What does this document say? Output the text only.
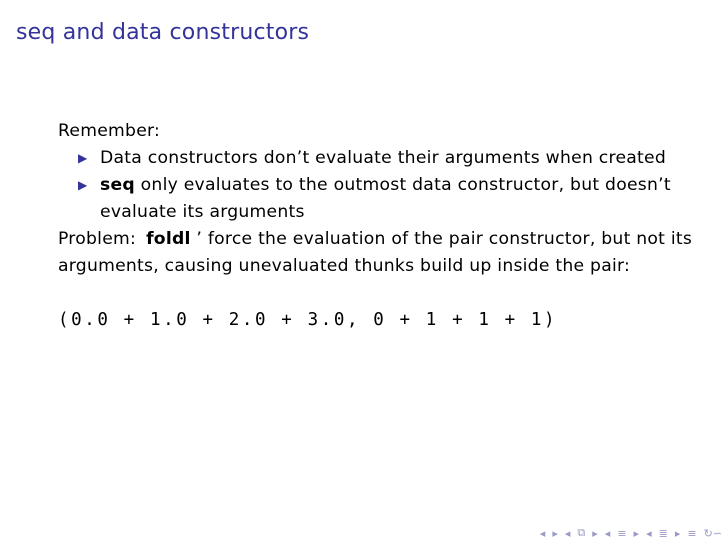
seq and data constructors
Remember:
▶ Data constructors don’t evaluate their arguments when created
▶ seq only evaluates to the outmost data constructor, but doesn’t evaluate its arguments
Problem: foldl ’ force the evaluation of the pair constructor, but not its arguments, causing unevaluated thunks build up inside the pair:
(0.0 + 1.0 + 2.0 + 3.0, 0 + 1 + 1 + 1)
◂ ▸ ◂ ⧉ ▸ ◂ ≡ ▸ ◂ ≣ ▸ ≡ ↻∽
